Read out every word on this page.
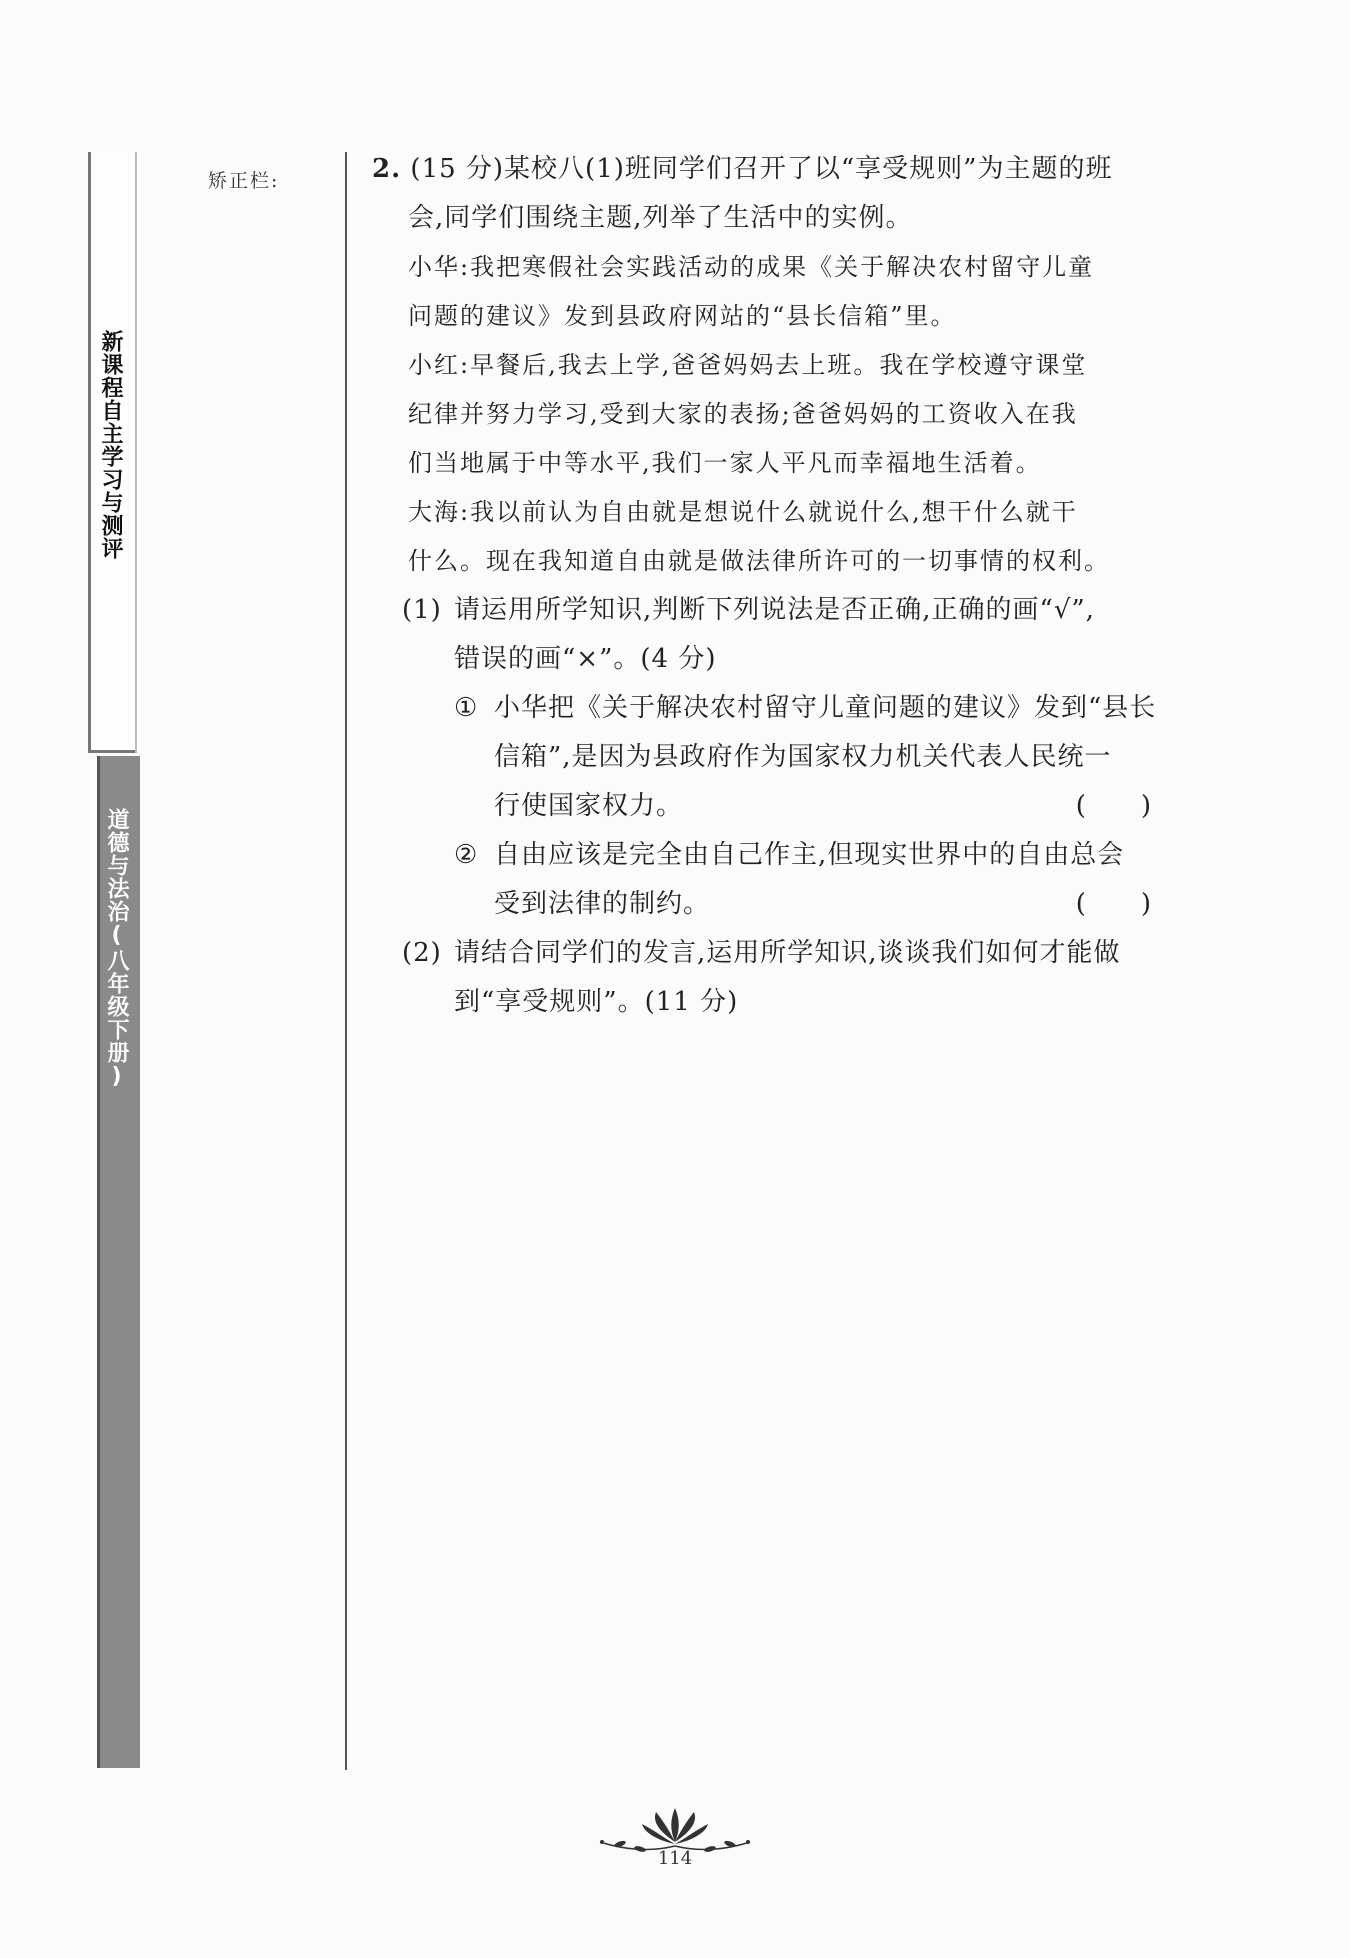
新课程自主学习与测评
道德与法治(八年级下册)
矫正栏:	2. (15 分)某校八(1)班同学们召开了以“享受规则”为主题的班
会,同学们围绕主题,列举了生活中的实例。
小华:我把寒假社会实践活动的成果《关于解决农村留守儿童
问题的建议》发到县政府网站的“县长信箱”里。
小红:早餐后,我去上学,爸爸妈妈去上班。我在学校遵守课堂
纪律并努力学习,受到大家的表扬;爸爸妈妈的工资收入在我
们当地属于中等水平,我们一家人平凡而幸福地生活着。
大海:我以前认为自由就是想说什么就说什么,想干什么就干
什么。现在我知道自由就是做法律所许可的一切事情的权利。
(1) 请运用所学知识,判断下列说法是否正确,正确的画“√”,
错误的画“×”。(4 分)
① 小华把《关于解决农村留守儿童问题的建议》发到“县长
信箱”,是因为县政府作为国家权力机关代表人民统一
行使国家权力。	(　　)
② 自由应该是完全由自己作主,但现实世界中的自由总会
受到法律的制约。	(　　)
(2) 请结合同学们的发言,运用所学知识,谈谈我们如何才能做
到“享受规则”。(11 分)
114
